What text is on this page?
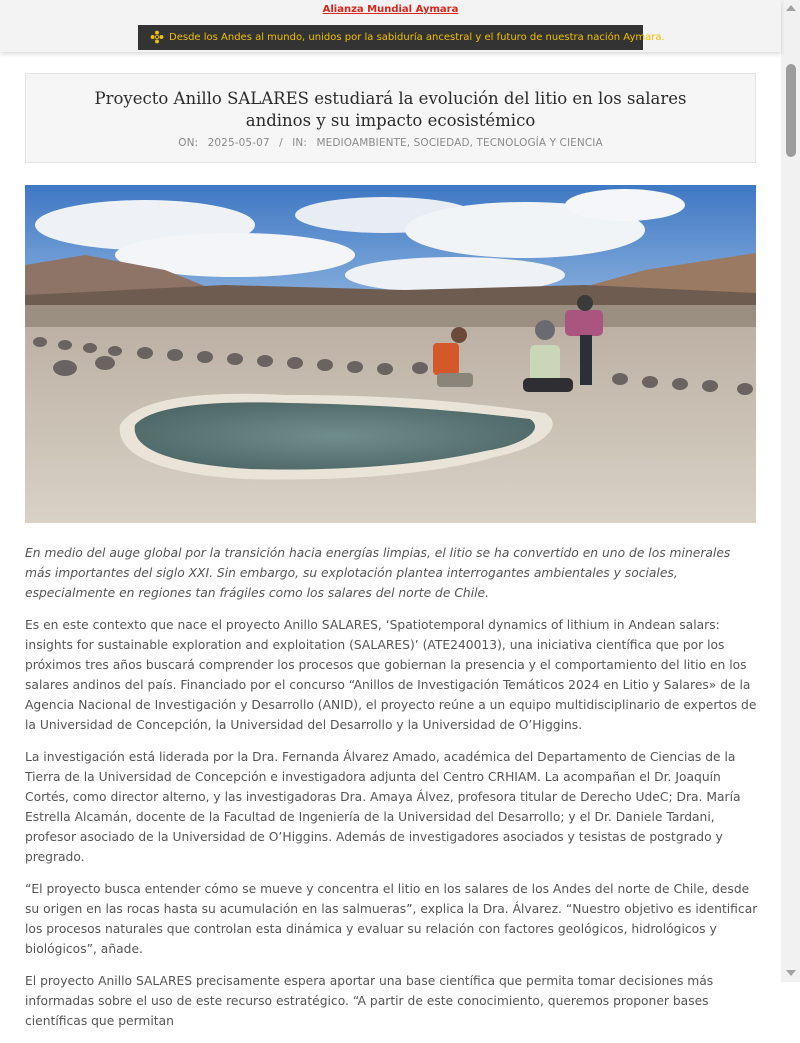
Alianza Mundial Aymara
Desde los Andes al mundo, unidos por la sabiduría ancestral y el futuro de nuestra nación Aymara.
Proyecto Anillo SALARES estudiará la evolución del litio en los salares andinos y su impacto ecosistémico
ON: 2025-05-07 / IN: MEDIOAMBIENTE, SOCIEDAD, TECNOLOGÍA Y CIENCIA

En medio del auge global por la transición hacia energías limpias, el litio se ha convertido en uno de los minerales más importantes del siglo XXI. Sin embargo, su explotación plantea interrogantes ambientales y sociales, especialmente en regiones tan frágiles como los salares del norte de Chile.

Es en este contexto que nace el proyecto Anillo SALARES, ‘Spatiotemporal dynamics of lithium in Andean salars: insights for sustainable exploration and exploitation (SALARES)’ (ATE240013), una iniciativa científica que por los próximos tres años buscará comprender los procesos que gobiernan la presencia y el comportamiento del litio en los salares andinos del país. Financiado por el concurso “Anillos de Investigación Temáticos 2024 en Litio y Salares» de la Agencia Nacional de Investigación y Desarrollo (ANID), el proyecto reúne a un equipo multidisciplinario de expertos de la Universidad de Concepción, la Universidad del Desarrollo y la Universidad de O’Higgins.

La investigación está liderada por la Dra. Fernanda Álvarez Amado, académica del Departamento de Ciencias de la Tierra de la Universidad de Concepción e investigadora adjunta del Centro CRHIAM. La acompañan el Dr. Joaquín Cortés, como director alterno, y las investigadoras Dra. Amaya Álvez, profesora titular de Derecho UdeC; Dra. María Estrella Alcamán, docente de la Facultad de Ingeniería de la Universidad del Desarrollo; y el Dr. Daniele Tardani, profesor asociado de la Universidad de O’Higgins. Además de investigadores asociados y tesistas de postgrado y pregrado.

“El proyecto busca entender cómo se mueve y concentra el litio en los salares de los Andes del norte de Chile, desde su origen en las rocas hasta su acumulación en las salmueras”, explica la Dra. Álvarez. “Nuestro objetivo es identificar los procesos naturales que controlan esta dinámica y evaluar su relación con factores geológicos, hidrológicos y biológicos”, añade.

El proyecto Anillo SALARES precisamente espera aportar una base científica que permita tomar decisiones más informadas sobre el uso de este recurso estratégico. “A partir de este conocimiento, queremos proponer bases científicas que permitan
